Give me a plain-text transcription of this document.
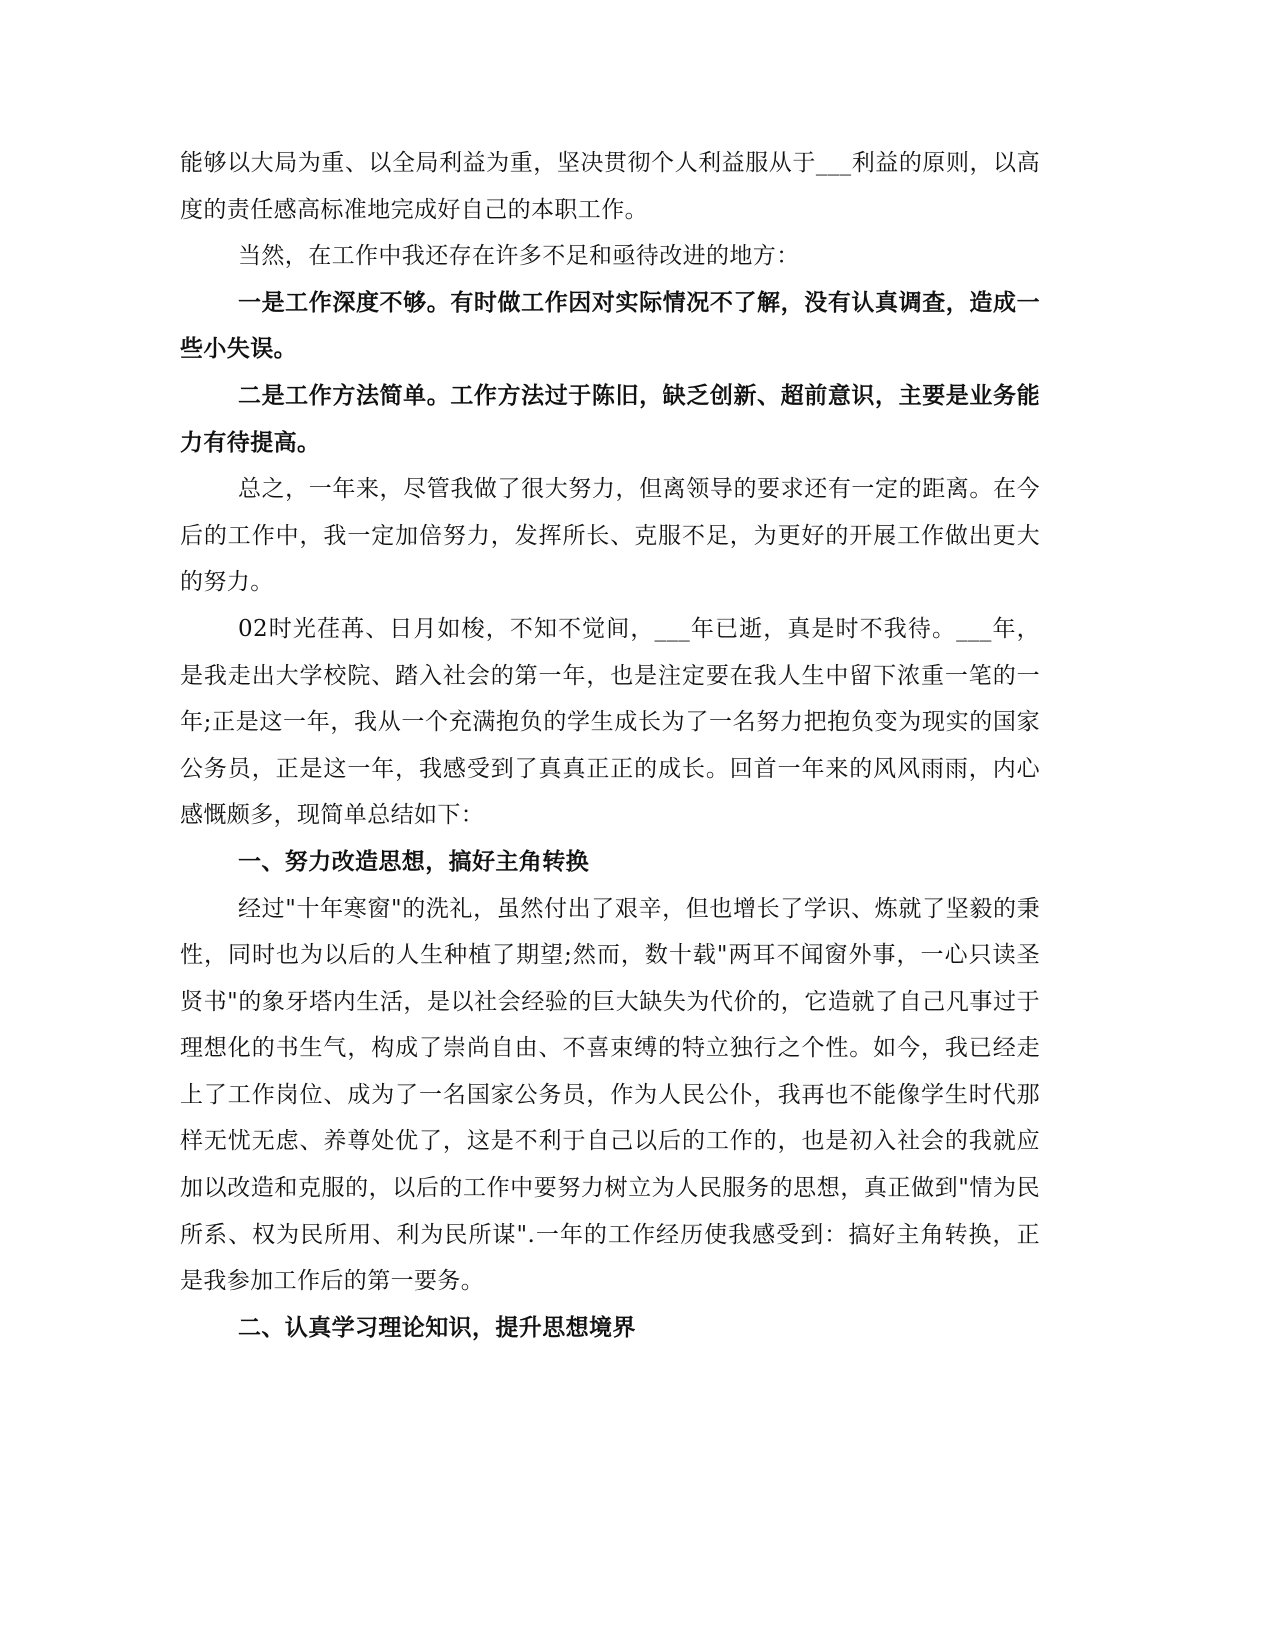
能够以大局为重、以全局利益为重，坚决贯彻个人利益服从于___利益的原则，以高度的责任感高标准地完成好自己的本职工作。

当然，在工作中我还存在许多不足和亟待改进的地方：

一是工作深度不够。有时做工作因对实际情况不了解，没有认真调查，造成一些小失误。

二是工作方法简单。工作方法过于陈旧，缺乏创新、超前意识，主要是业务能力有待提高。

总之，一年来，尽管我做了很大努力，但离领导的要求还有一定的距离。在今后的工作中，我一定加倍努力，发挥所长、克服不足，为更好的开展工作做出更大的努力。

02时光荏苒、日月如梭，不知不觉间，___年已逝，真是时不我待。___年，是我走出大学校院、踏入社会的第一年，也是注定要在我人生中留下浓重一笔的一年;正是这一年，我从一个充满抱负的学生成长为了一名努力把抱负变为现实的国家公务员，正是这一年，我感受到了真真正正的成长。回首一年来的风风雨雨，内心感慨颇多，现简单总结如下：

一、努力改造思想，搞好主角转换

经过"十年寒窗"的洗礼，虽然付出了艰辛，但也增长了学识、炼就了坚毅的秉性，同时也为以后的人生种植了期望;然而，数十载"两耳不闻窗外事，一心只读圣贤书"的象牙塔内生活，是以社会经验的巨大缺失为代价的，它造就了自己凡事过于理想化的书生气，构成了崇尚自由、不喜束缚的特立独行之个性。如今，我已经走上了工作岗位、成为了一名国家公务员，作为人民公仆，我再也不能像学生时代那样无忧无虑、养尊处优了，这是不利于自己以后的工作的，也是初入社会的我就应加以改造和克服的，以后的工作中要努力树立为人民服务的思想，真正做到"情为民所系、权为民所用、利为民所谋".一年的工作经历使我感受到：搞好主角转换，正是我参加工作后的第一要务。

二、认真学习理论知识，提升思想境界
